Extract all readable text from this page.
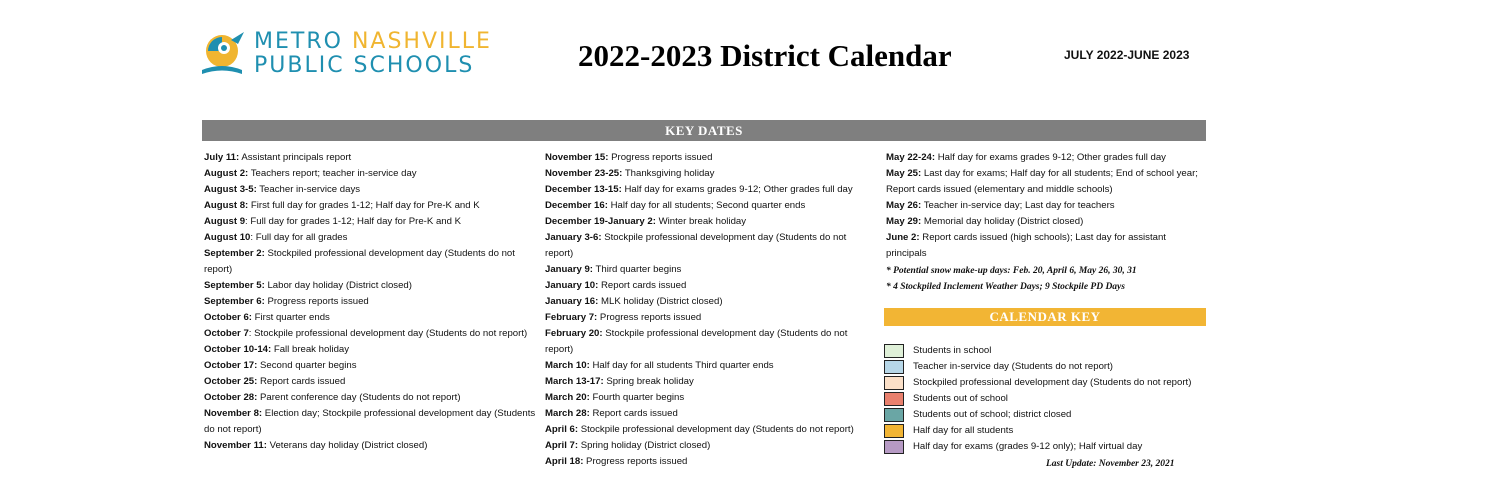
METRO NASHVILLE
PUBLIC SCHOOLS	2022-2023 District Calendar	JULY 2022-JUNE 2023
KEY DATES
July 11: Assistant principals report
August 2: Teachers report; teacher in-service day
August 3-5: Teacher in-service days
August 8: First full day for grades 1-12; Half day for Pre-K and K
August 9: Full day for grades 1-12; Half day for Pre-K and K
August 10: Full day for all grades
September 2: Stockpiled professional development day (Students do not report)
September 5: Labor day holiday (District closed)
September 6: Progress reports issued
October 6: First quarter ends
October 7: Stockpile professional development day (Students do not report)
October 10-14: Fall break holiday
October 17: Second quarter begins
October 25: Report cards issued
October 28: Parent conference day (Students do not report)
November 8: Election day; Stockpile professional development day (Students do not report)
November 11: Veterans day holiday (District closed)
November 15: Progress reports issued
November 23-25: Thanksgiving holiday
December 13-15: Half day for exams grades 9-12; Other grades full day
December 16: Half day for all students; Second quarter ends
December 19-January 2: Winter break holiday
January 3-6: Stockpile professional development day (Students do not report)
January 9: Third quarter begins
January 10: Report cards issued
January 16: MLK holiday (District closed)
February 7: Progress reports issued
February 20: Stockpile professional development day (Students do not report)
March 10: Half day for all students Third quarter ends
March 13-17: Spring break holiday
March 20: Fourth quarter begins
March 28: Report cards issued
April 6: Stockpile professional development day (Students do not report)
April 7: Spring holiday (District closed)
April 18: Progress reports issued
May 22-24: Half day for exams grades 9-12; Other grades full day
May 25: Last day for exams; Half day for all students; End of school year; Report cards issued (elementary and middle schools)
May 26: Teacher in-service day; Last day for teachers
May 29: Memorial day holiday (District closed)
June 2: Report cards issued (high schools); Last day for assistant principals
* Potential snow make-up days: Feb. 20, April 6, May 26, 30, 31
* 4 Stockpiled Inclement Weather Days; 9 Stockpile PD Days
CALENDAR KEY
Students in school
Teacher in-service day (Students do not report)
Stockpiled professional development day (Students do not report)
Students out of school
Students out of school; district closed
Half day for all students
Half day for exams (grades 9-12 only); Half virtual day
Last Update: November 23, 2021
